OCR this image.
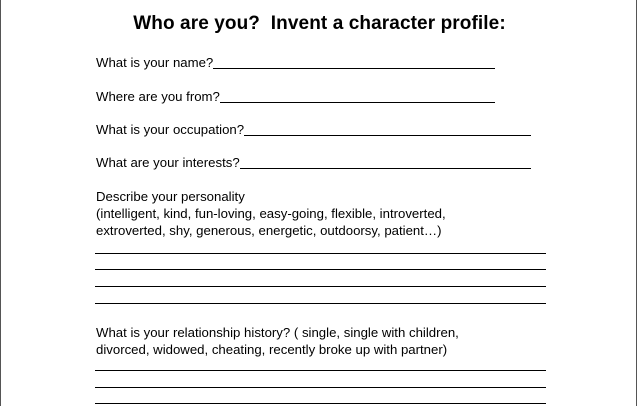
Who are you?  Invent a character profile:
What is your name?
Where are you from?
What is your occupation?
What are your interests?
Describe your personality
(intelligent, kind, fun-loving, easy-going, flexible, introverted,
extroverted, shy, generous, energetic, outdoorsy, patient…)
What is your relationship history? ( single, single with children,
divorced, widowed, cheating, recently broke up with partner)
